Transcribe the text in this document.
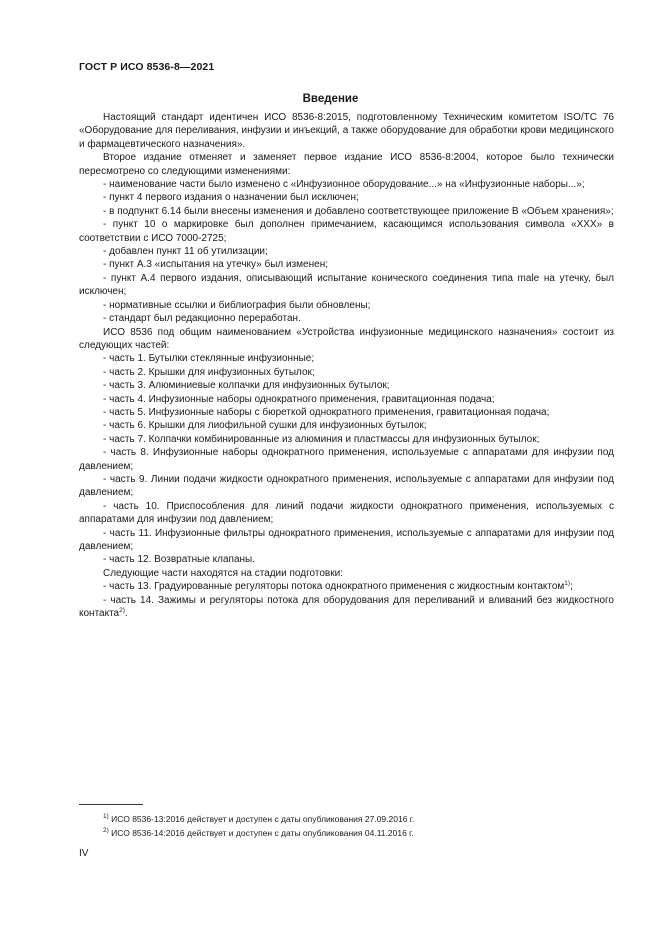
ГОСТ Р ИСО 8536-8—2021
Введение

Настоящий стандарт идентичен ИСО 8536-8:2015, подготовленному Техническим комитетом ISO/TC 76 «Оборудование для переливания, инфузии и инъекций, а также оборудование для обработки крови медицинского и фармацевтического назначения».

Второе издание отменяет и заменяет первое издание ИСО 8536-8:2004, которое было технически пересмотрено со следующими изменениями:

- наименование части было изменено с «Инфузионное оборудование...» на «Инфузионные наборы...»;

- пункт 4 первого издания о назначении был исключен;

- в подпункт 6.14 были внесены изменения и добавлено соответствующее приложение В «Объем хранения»;

- пункт 10 о маркировке был дополнен примечанием, касающимся использования символа «XXX» в соответствии с ИСО 7000-2725;

- добавлен пункт 11 об утилизации;

- пункт А.3 «испытания на утечку» был изменен;

- пункт А.4 первого издания, описывающий испытание конического соединения типа male на утечку, был исключен;

- нормативные ссылки и библиография были обновлены;

- стандарт был редакционно переработан.

ИСО 8536 под общим наименованием «Устройства инфузионные медицинского назначения» состоит из следующих частей:

- часть 1. Бутылки стеклянные инфузионные;

- часть 2. Крышки для инфузионных бутылок;

- часть 3. Алюминиевые колпачки для инфузионных бутылок;

- часть 4. Инфузионные наборы однократного применения, гравитационная подача;

- часть 5. Инфузионные наборы с бюреткой однократного применения, гравитационная подача;

- часть 6. Крышки для лиофильной сушки для инфузионных бутылок;

- часть 7. Колпачки комбинированные из алюминия и пластмассы для инфузионных бутылок;

- часть 8. Инфузионные наборы однократного применения, используемые с аппаратами для инфузии под давлением;

- часть 9. Линии подачи жидкости однократного применения, используемые с аппаратами для инфузии под давлением;

- часть 10. Приспособления для линий подачи жидкости однократного применения, используемых с аппаратами для инфузии под давлением;

- часть 11. Инфузионные фильтры однократного применения, используемые с аппаратами для инфузии под давлением;

- часть 12. Возвратные клапаны.

Следующие части находятся на стадии подготовки:

- часть 13. Градуированные регуляторы потока однократного применения с жидкостным контактом$^{1)}$;

- часть 14. Зажимы и регуляторы потока для оборудования для переливаний и вливаний без жидкостного контакта$^{2)}$.

$^{1)}$ ИСО 8536-13:2016 действует и доступен с даты опубликования 27.09.2016 г.
$^{2)}$ ИСО 8536-14:2016 действует и доступен с даты опубликования 04.11.2016 г.
IV
